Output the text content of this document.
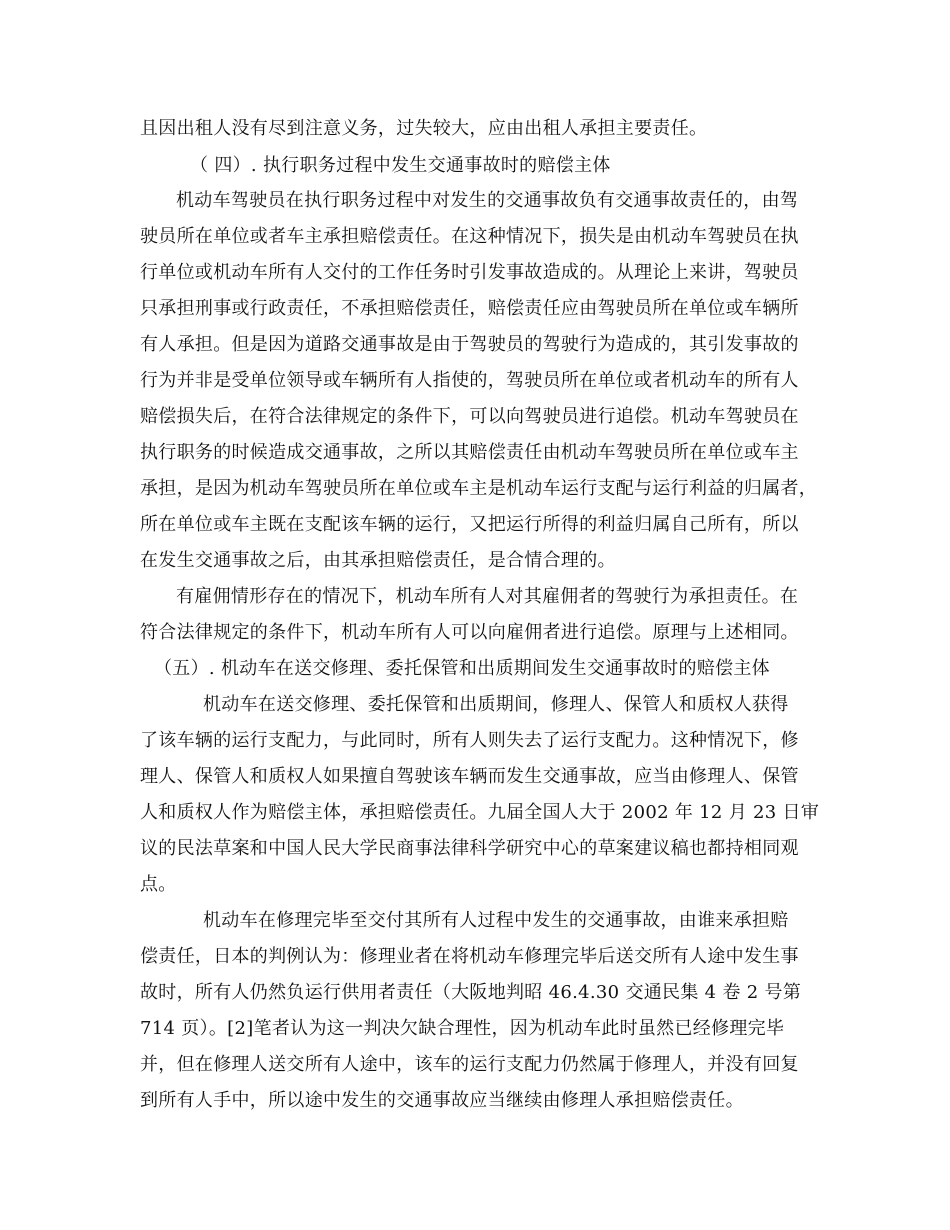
且因出租人没有尽到注意义务，过失较大，应由出租人承担主要责任。
（ 四）. 执行职务过程中发生交通事故时的赔偿主体
机动车驾驶员在执行职务过程中对发生的交通事故负有交通事故责任的，由驾
驶员所在单位或者车主承担赔偿责任。在这种情况下，损失是由机动车驾驶员在执
行单位或机动车所有人交付的工作任务时引发事故造成的。从理论上来讲，驾驶员
只承担刑事或行政责任，不承担赔偿责任，赔偿责任应由驾驶员所在单位或车辆所
有人承担。但是因为道路交通事故是由于驾驶员的驾驶行为造成的，其引发事故的
行为并非是受单位领导或车辆所有人指使的，驾驶员所在单位或者机动车的所有人
赔偿损失后，在符合法律规定的条件下，可以向驾驶员进行追偿。机动车驾驶员在
执行职务的时候造成交通事故，之所以其赔偿责任由机动车驾驶员所在单位或车主
承担，是因为机动车驾驶员所在单位或车主是机动车运行支配与运行利益的归属者，
所在单位或车主既在支配该车辆的运行，又把运行所得的利益归属自己所有，所以
在发生交通事故之后，由其承担赔偿责任，是合情合理的。
有雇佣情形存在的情况下，机动车所有人对其雇佣者的驾驶行为承担责任。在
符合法律规定的条件下，机动车所有人可以向雇佣者进行追偿。原理与上述相同。
（五）. 机动车在送交修理、委托保管和出质期间发生交通事故时的赔偿主体
机动车在送交修理、委托保管和出质期间，修理人、保管人和质权人获得
了该车辆的运行支配力，与此同时，所有人则失去了运行支配力。这种情况下，修
理人、保管人和质权人如果擅自驾驶该车辆而发生交通事故，应当由修理人、保管
人和质权人作为赔偿主体，承担赔偿责任。九届全国人大于 2002 年 12 月 23 日审
议的民法草案和中国人民大学民商事法律科学研究中心的草案建议稿也都持相同观
点。
机动车在修理完毕至交付其所有人过程中发生的交通事故，由谁来承担赔
偿责任，日本的判例认为：修理业者在将机动车修理完毕后送交所有人途中发生事
故时，所有人仍然负运行供用者责任（大阪地判昭 46.4.30 交通民集 4 卷 2 号第
714 页）。[2]笔者认为这一判决欠缺合理性，因为机动车此时虽然已经修理完毕
并，但在修理人送交所有人途中，该车的运行支配力仍然属于修理人，并没有回复
到所有人手中，所以途中发生的交通事故应当继续由修理人承担赔偿责任。
